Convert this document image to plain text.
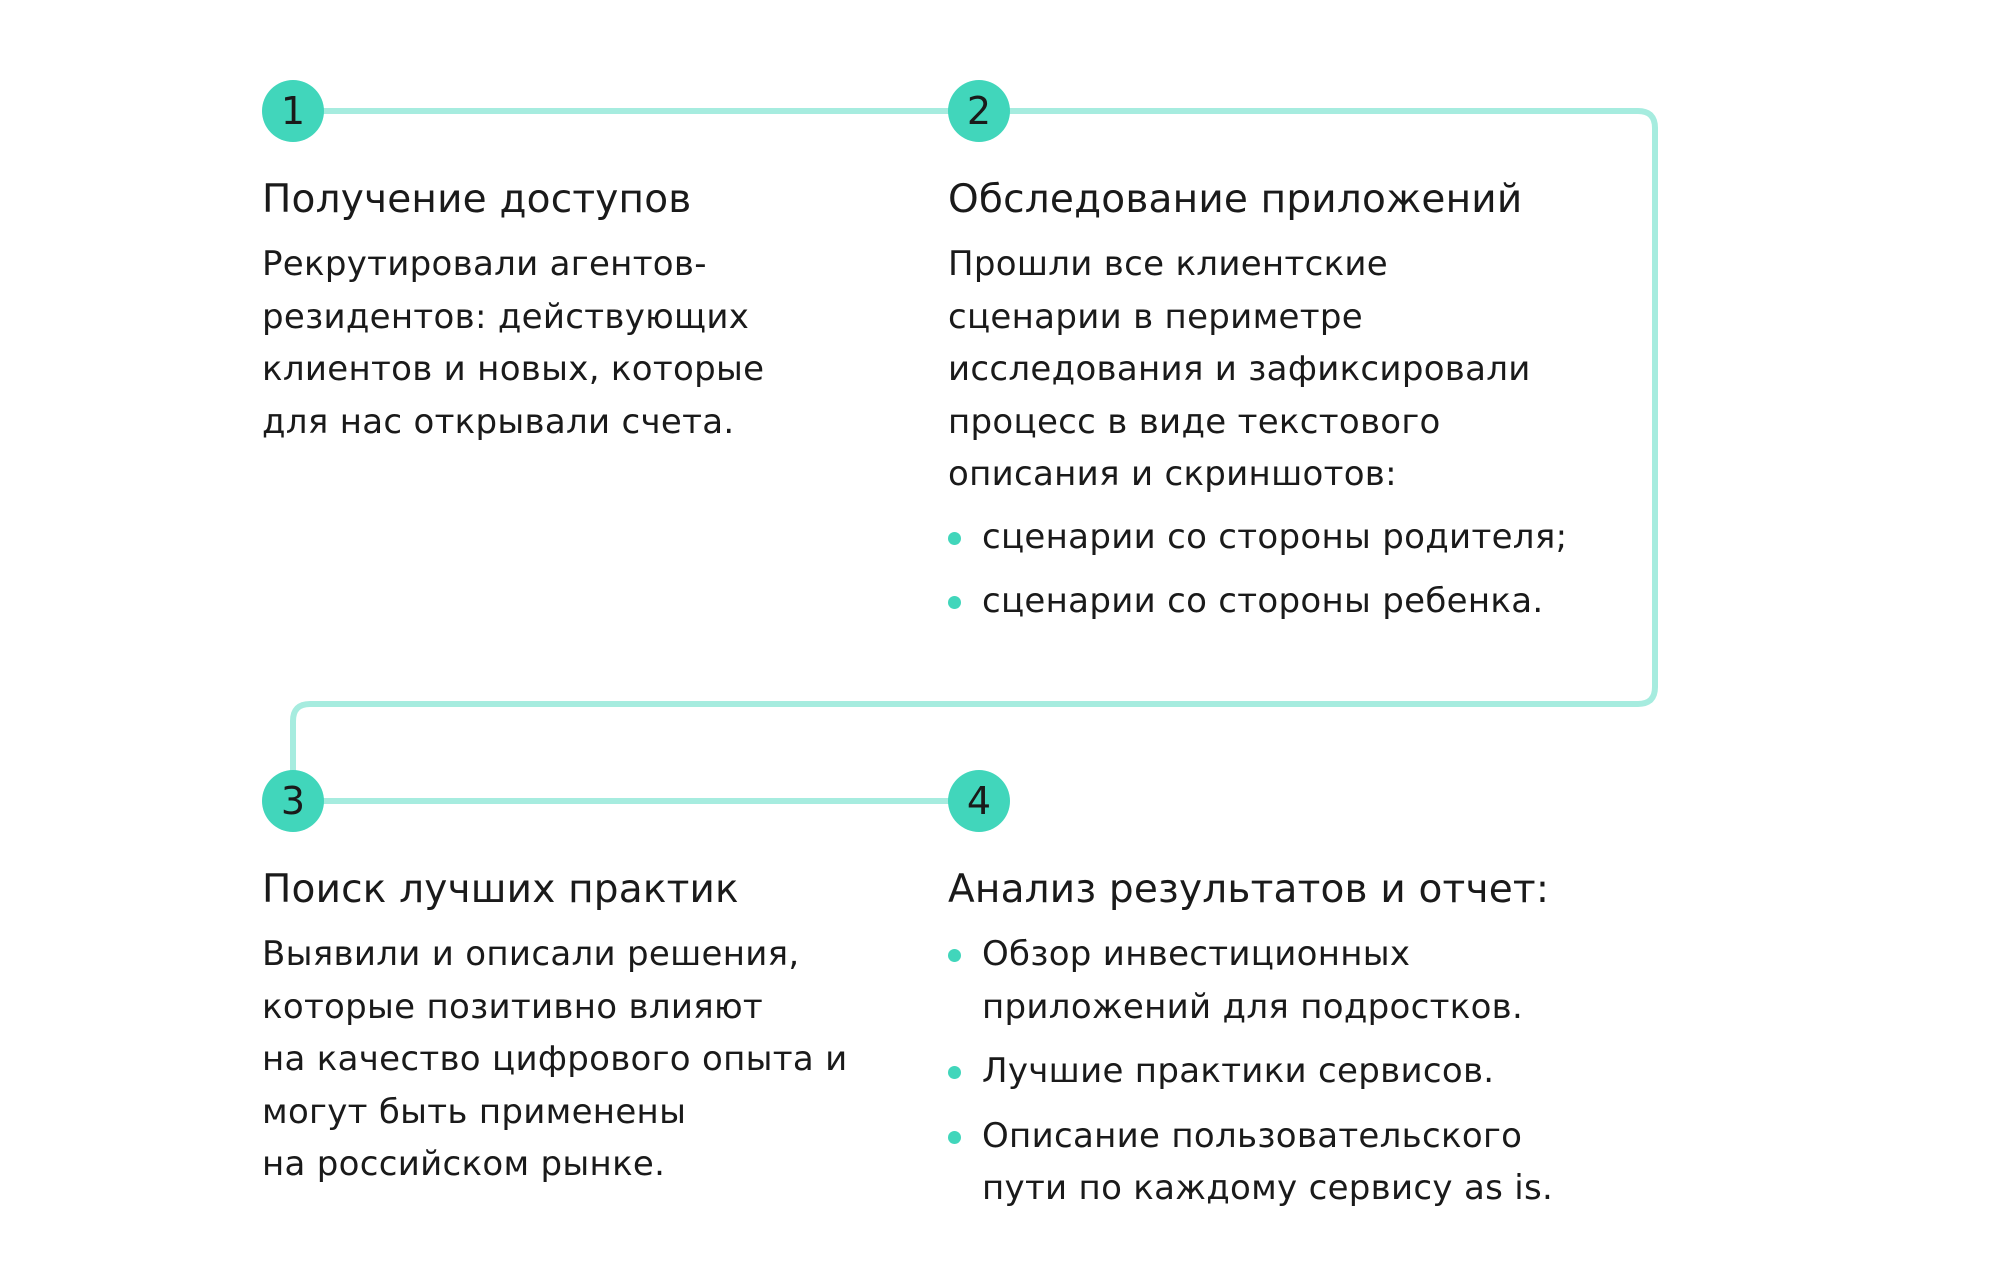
1	2
3	4
Получение доступов

Рекрутировали агентов-
резидентов: действующих
клиентов и новых, которые
для нас открывали счета.

Обследование приложений

Прошли все клиентские
сценарии в периметре
исследования и зафиксировали
процесс в виде текстового
описания и скриншотов:

сценарии со стороны родителя;
сценарии со стороны ребенка.
Поиск лучших практик

Выявили и описали решения,
которые позитивно влияют
на качество цифрового опыта и
могут быть применены
на российском рынке.

Анализ результатов и отчет:
Обзор инвестиционных
приложений для подростков.
Лучшие практики сервисов.
Описание пользовательского
пути по каждому сервису as is.
